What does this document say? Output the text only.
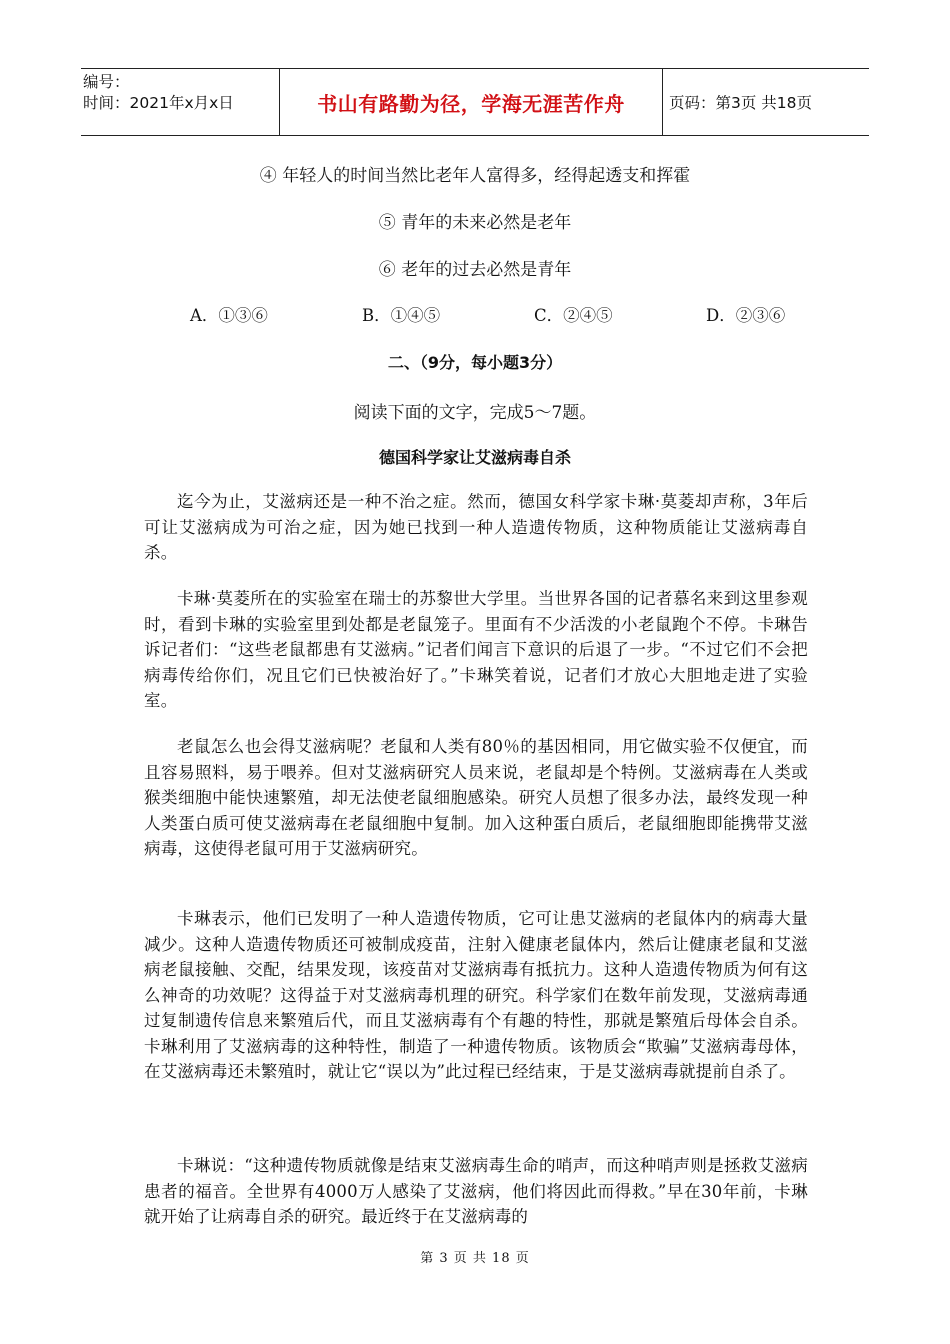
编号：
时间：2021年x月x日	书山有路勤为径，学海无涯苦作舟	页码：第3页 共18页
④ 年轻人的时间当然比老年人富得多，经得起透支和挥霍
⑤ 青年的未来必然是老年
⑥ 老年的过去必然是青年
A．①③⑥	B．①④⑤	C．②④⑤	D．②③⑥
二、（9分，每小题3分）
阅读下面的文字，完成5～7题。
德国科学家让艾滋病毒自杀

迄今为止，艾滋病还是一种不治之症。然而，德国女科学家卡琳·莫菱却声称，3年后可让艾滋病成为可治之症，因为她已找到一种人造遗传物质，这种物质能让艾滋病毒自杀。

卡琳·莫菱所在的实验室在瑞士的苏黎世大学里。当世界各国的记者慕名来到这里参观时，看到卡琳的实验室里到处都是老鼠笼子。里面有不少活泼的小老鼠跑个不停。卡琳告诉记者们：“这些老鼠都患有艾滋病。”记者们闻言下意识的后退了一步。“不过它们不会把病毒传给你们，况且它们已快被治好了。”卡琳笑着说，记者们才放心大胆地走进了实验室。

老鼠怎么也会得艾滋病呢？老鼠和人类有80％的基因相同，用它做实验不仅便宜，而且容易照料，易于喂养。但对艾滋病研究人员来说，老鼠却是个特例。艾滋病毒在人类或猴类细胞中能快速繁殖，却无法使老鼠细胞感染。研究人员想了很多办法，最终发现一种人类蛋白质可使艾滋病毒在老鼠细胞中复制。加入这种蛋白质后，老鼠细胞即能携带艾滋病毒，这使得老鼠可用于艾滋病研究。

卡琳表示，他们已发明了一种人造遗传物质，它可让患艾滋病的老鼠体内的病毒大量减少。这种人造遗传物质还可被制成疫苗，注射入健康老鼠体内，然后让健康老鼠和艾滋病老鼠接触、交配，结果发现，该疫苗对艾滋病毒有抵抗力。这种人造遗传物质为何有这么神奇的功效呢？这得益于对艾滋病毒机理的研究。科学家们在数年前发现，艾滋病毒通过复制遗传信息来繁殖后代，而且艾滋病毒有个有趣的特性，那就是繁殖后母体会自杀。卡琳利用了艾滋病毒的这种特性，制造了一种遗传物质。该物质会“欺骗”艾滋病毒母体，在艾滋病毒还未繁殖时，就让它“误以为”此过程已经结束，于是艾滋病毒就提前自杀了。

卡琳说：“这种遗传物质就像是结束艾滋病毒生命的哨声，而这种哨声则是拯救艾滋病患者的福音。全世界有4000万人感染了艾滋病，他们将因此而得救。”早在30年前，卡琳就开始了让病毒自杀的研究。最近终于在艾滋病毒的

第 3 页 共 18 页
